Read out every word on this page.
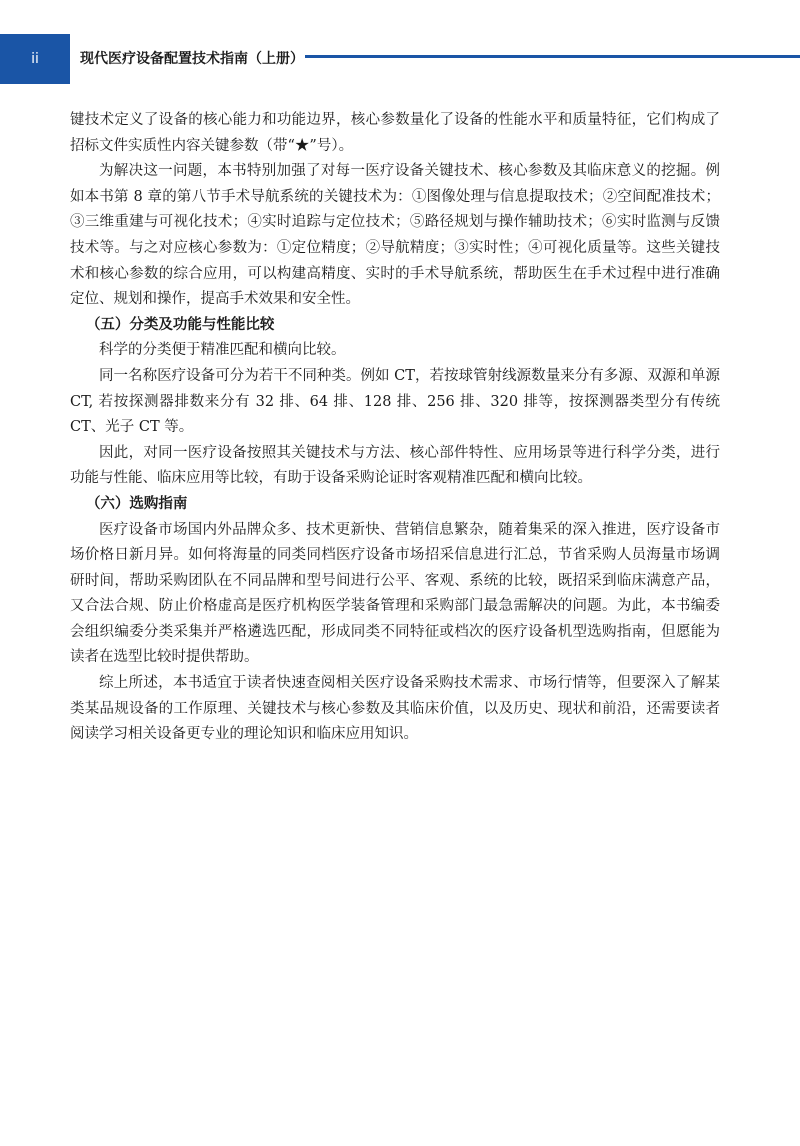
ii	现代医疗设备配置技术指南（上册）

键技术定义了设备的核心能力和功能边界，核心参数量化了设备的性能水平和质量特征，它们构成了招标文件实质性内容关键参数（带“★”号）。

为解决这一问题，本书特别加强了对每一医疗设备关键技术、核心参数及其临床意义的挖掘。例如本书第 8 章的第八节手术导航系统的关键技术为：①图像处理与信息提取技术；②空间配准技术；③三维重建与可视化技术；④实时追踪与定位技术；⑤路径规划与操作辅助技术；⑥实时监测与反馈技术等。与之对应核心参数为：①定位精度；②导航精度；③实时性；④可视化质量等。这些关键技术和核心参数的综合应用，可以构建高精度、实时的手术导航系统，帮助医生在手术过程中进行准确定位、规划和操作，提高手术效果和安全性。

（五）分类及功能与性能比较

科学的分类便于精准匹配和横向比较。

同一名称医疗设备可分为若干不同种类。例如 CT，若按球管射线源数量来分有多源、双源和单源 CT, 若按探测器排数来分有 32 排、64 排、128 排、256 排、320 排等，按探测器类型分有传统 CT、光子 CT 等。

因此，对同一医疗设备按照其关键技术与方法、核心部件特性、应用场景等进行科学分类，进行功能与性能、临床应用等比较，有助于设备采购论证时客观精准匹配和横向比较。

（六）选购指南

医疗设备市场国内外品牌众多、技术更新快、营销信息繁杂，随着集采的深入推进，医疗设备市场价格日新月异。如何将海量的同类同档医疗设备市场招采信息进行汇总，节省采购人员海量市场调研时间，帮助采购团队在不同品牌和型号间进行公平、客观、系统的比较，既招采到临床满意产品，又合法合规、防止价格虚高是医疗机构医学装备管理和采购部门最急需解决的问题。为此，本书编委会组织编委分类采集并严格遴选匹配，形成同类不同特征或档次的医疗设备机型选购指南，但愿能为读者在选型比较时提供帮助。

综上所述，本书适宜于读者快速查阅相关医疗设备采购技术需求、市场行情等，但要深入了解某类某品规设备的工作原理、关键技术与核心参数及其临床价值，以及历史、现状和前沿，还需要读者阅读学习相关设备更专业的理论知识和临床应用知识。
